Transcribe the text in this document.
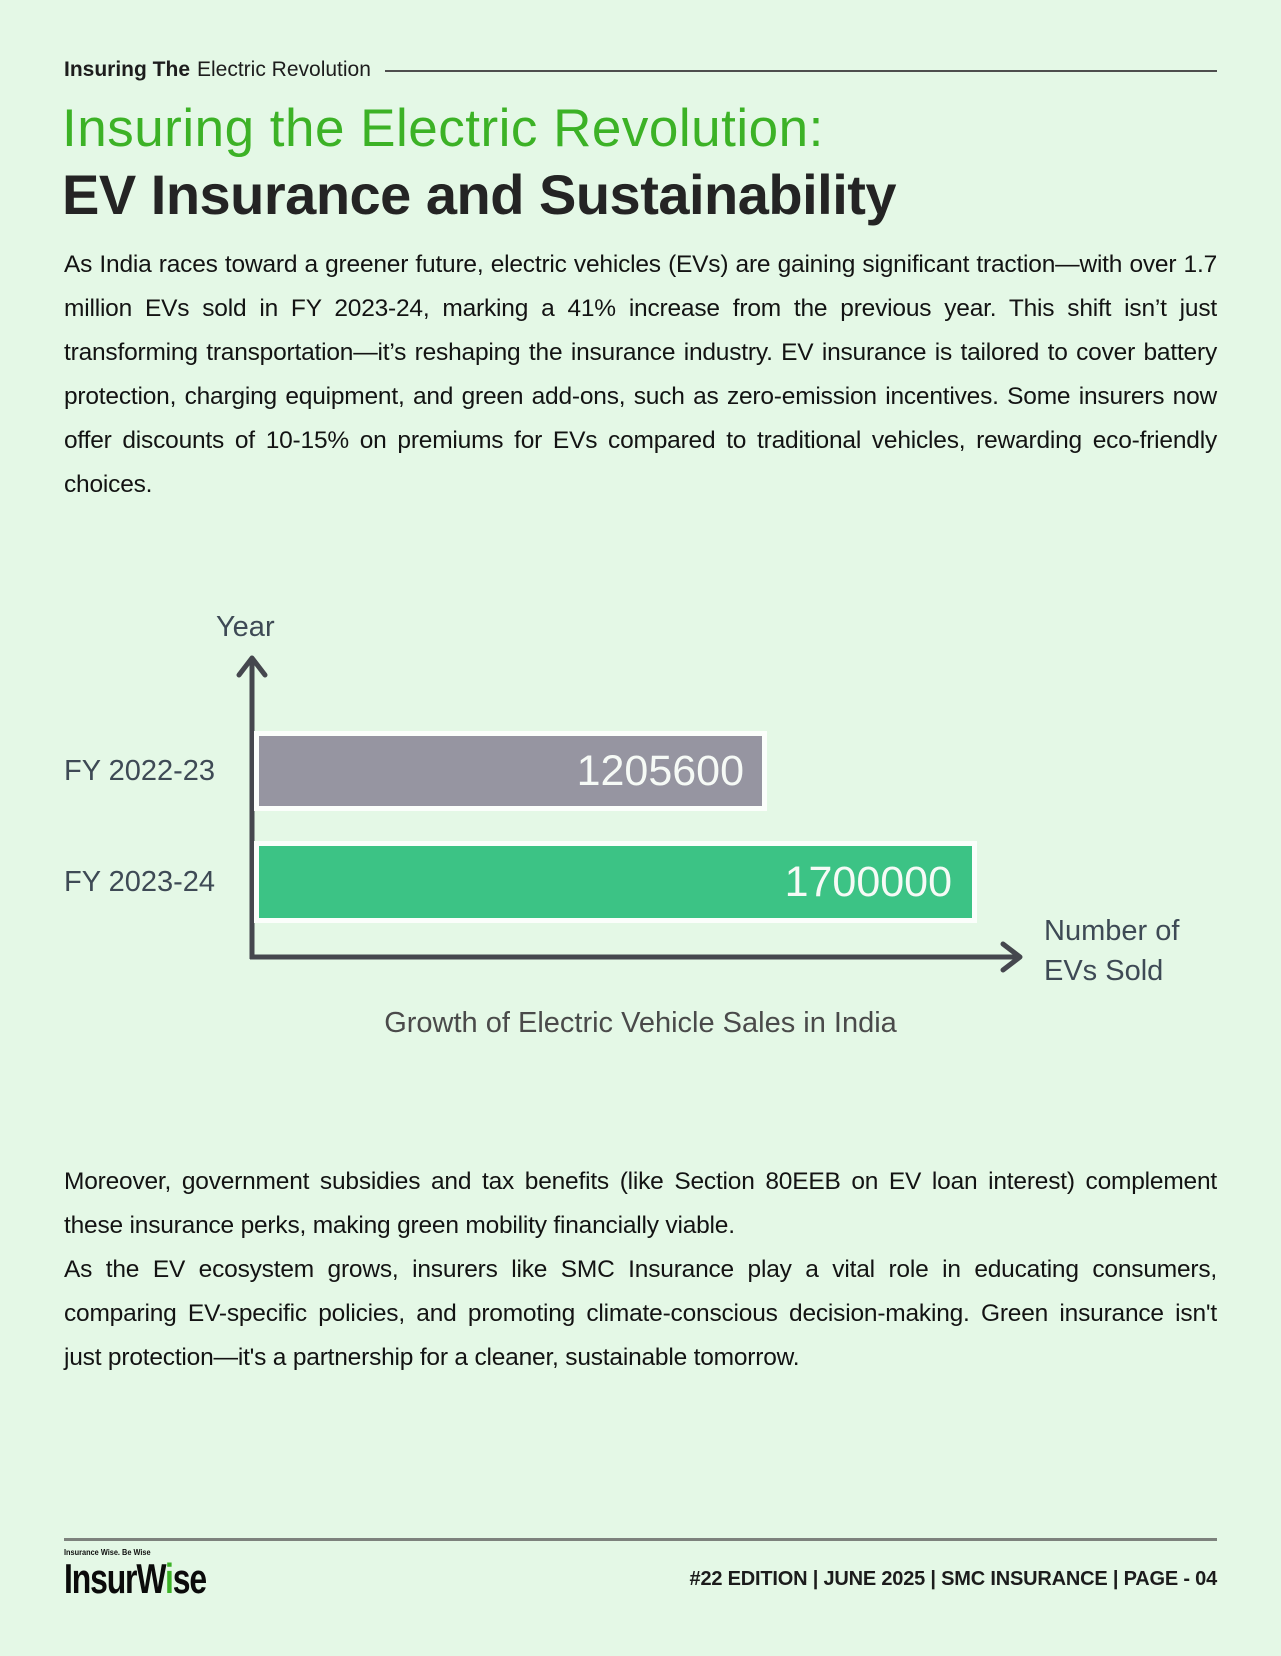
Insuring The Electric Revolution
Insuring the Electric Revolution:
EV Insurance and Sustainability
As India races toward a greener future, electric vehicles (EVs) are gaining significant traction—with over 1.7 million EVs sold in FY 2023-24, marking a 41% increase from the previous year. This shift isn’t just transforming transportation—it’s reshaping the insurance industry. EV insurance is tailored to cover battery protection, charging equipment, and green add-ons, such as zero-emission incentives. Some insurers now offer discounts of 10-15% on premiums for EVs compared to traditional vehicles, rewarding eco-friendly choices.
Year
FY 2022-23
FY 2023-24
1205600
1700000
Number of EVs Sold
Growth of Electric Vehicle Sales in India

Moreover, government subsidies and tax benefits (like Section 80EEB on EV loan interest) complement these insurance perks, making green mobility financially viable.

As the EV ecosystem grows, insurers like SMC Insurance play a vital role in educating consumers, comparing EV-specific policies, and promoting climate-conscious decision-making. Green insurance isn't just protection—it's a partnership for a cleaner, sustainable tomorrow.

Insurance Wise. Be Wise
InsurWise	#22 EDITION | JUNE 2025 | SMC INSURANCE | PAGE - 04
